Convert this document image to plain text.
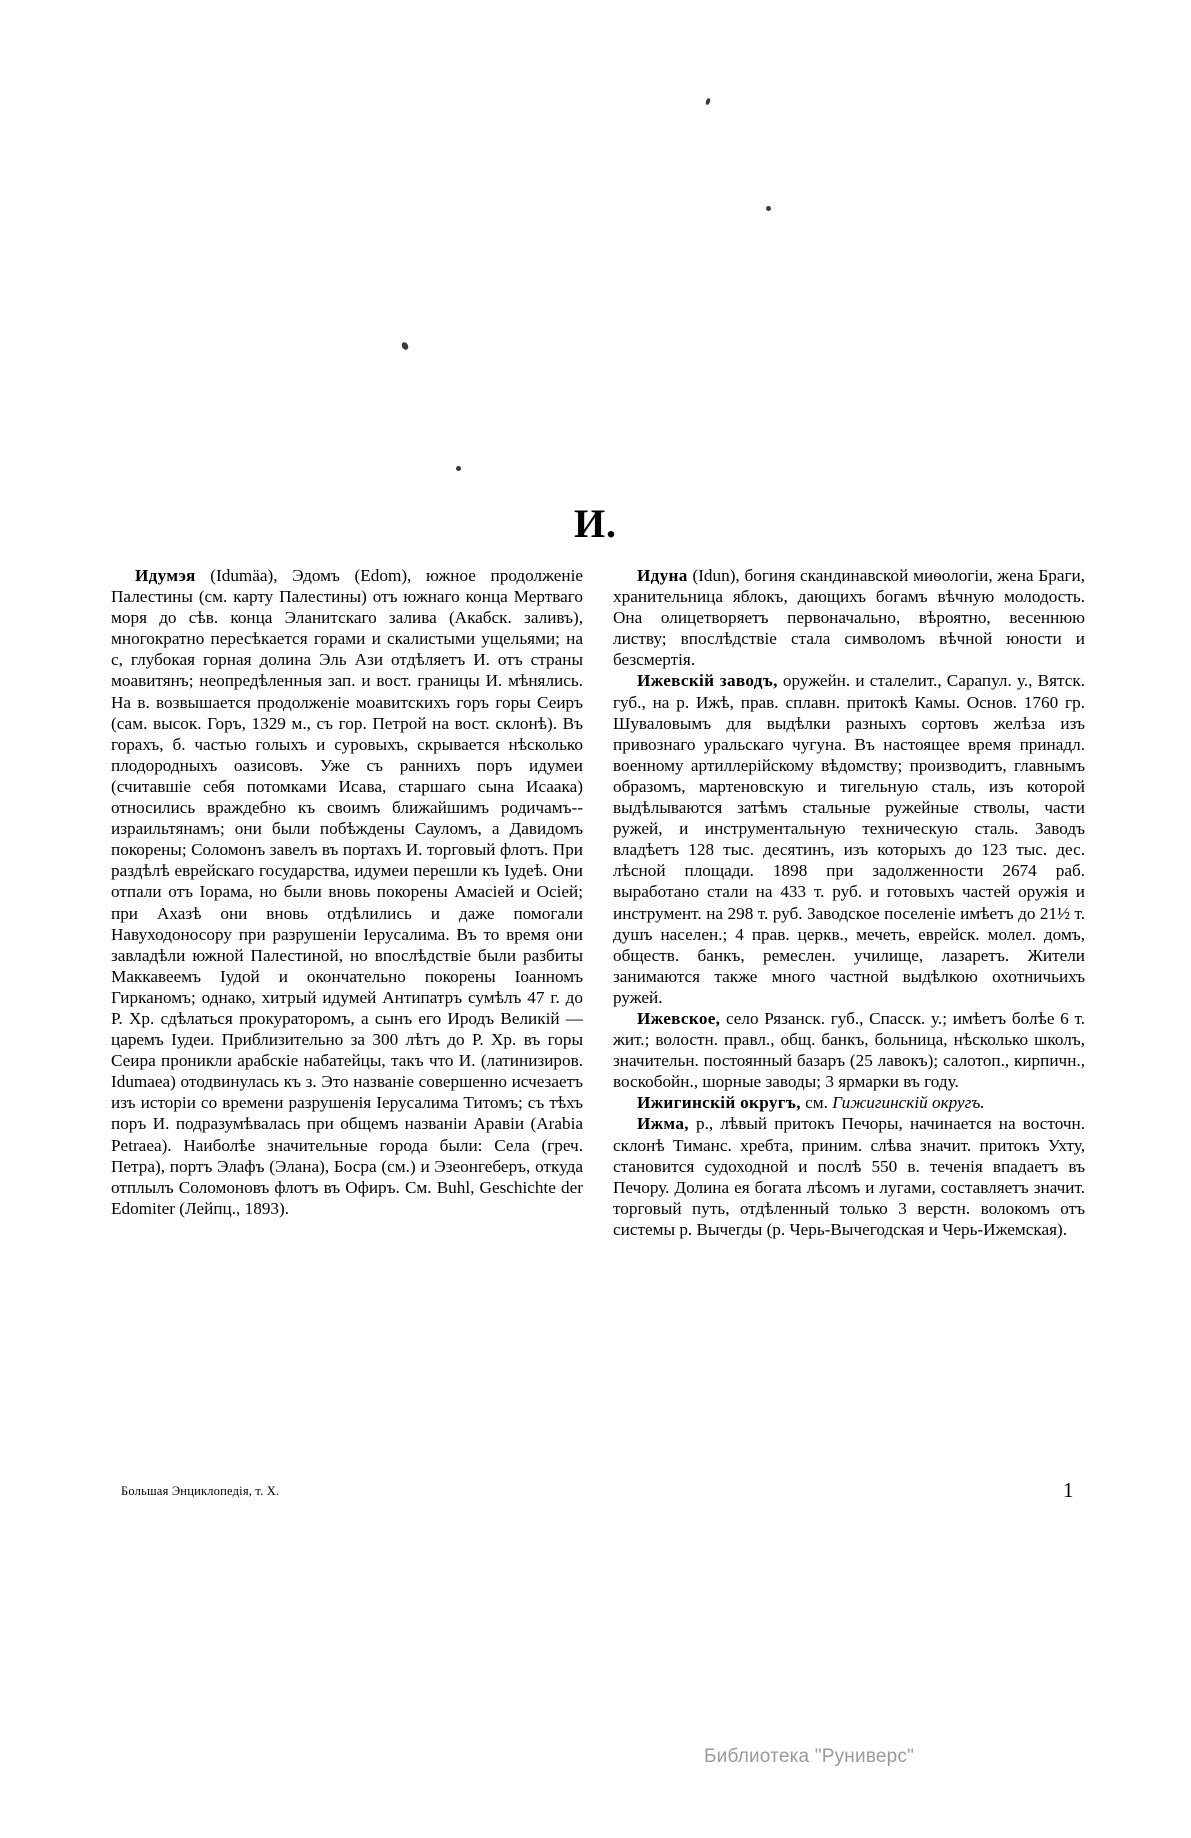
И.

Идумэя (Idumäa), Эдомъ (Edom), южное продолженіе Палестины (см. карту Палестины) отъ южнаго конца Мертваго моря до сѣв. конца Эланитскаго залива (Акабск. заливъ), многократно пересѣкается горами и скалистыми ущельями; на с, глубокая горная долина Эль Ази отдѣляетъ И. отъ страны моавитянъ; неопредѣленныя зап. и вост. границы И. мѣнялись. На в. возвышается продолженіе моавитскихъ горъ горы Сеиръ (сам. высок. Горъ, 1329 м., съ гор. Петрой на вост. склонѣ). Въ горахъ, б. частью голыхъ и суровыхъ, скрывается нѣсколько плодородныхъ оазисовъ. Уже съ раннихъ поръ идумеи (считавшіе себя потомками Исава, старшаго сына Исаака) относились враждебно къ своимъ ближайшимъ родичамъ--израильтянамъ; они были побѣждены Сауломъ, а Давидомъ покорены; Соломонъ завелъ въ портахъ И. торговый флотъ. При раздѣлѣ еврейскаго государства, идумеи перешли къ Іудеѣ. Они отпали отъ Іорама, но были вновь покорены Амасіей и Осіей; при Ахазѣ они вновь отдѣлились и даже помогали Навуходоносору при разрушеніи Іерусалима. Въ то время они завладѣли южной Палестиной, но впослѣдствіе были разбиты Маккавеемъ Іудой и окончательно покорены Іоанномъ Гирканомъ; однако, хитрый идумей Антипатръ сумѣлъ 47 г. до Р. Хр. сдѣлаться прокураторомъ, а сынъ его Иродъ Великій — царемъ Іудеи. Приблизительно за 300 лѣтъ до Р. Хр. въ горы Сеира проникли арабскіе набатейцы, такъ что И. (латинизиров. Idumaea) отодвинулась къ з. Это названіе совершенно исчезаетъ изъ исторіи со времени разрушенія Іерусалима Титомъ; съ тѣхъ поръ И. подразумѣвалась при общемъ названіи Аравіи (Arabia Petraea). Наиболѣе значительные города были: Села (греч. Петра), портъ Элафъ (Элана), Босра (см.) и Эзеонгеберъ, откуда отплылъ Соломоновъ флотъ въ Офиръ. См. Buhl, Geschichte der Edomiter (Лейпц., 1893).

Идуна (Idun), богиня скандинавской миѳологіи, жена Браги, хранительница яблокъ, дающихъ богамъ вѣчную молодость. Она олицетворяетъ первоначально, вѣроятно, весеннюю листву; впослѣдствіе стала символомъ вѣчной юности и безсмертія.

Ижевскій заводъ, оружейн. и сталелит., Сарапул. у., Вятск. губ., на р. Ижѣ, прав. сплавн. притокѣ Камы. Основ. 1760 гр. Шуваловымъ для выдѣлки разныхъ сортовъ желѣза изъ привознаго уральскаго чугуна. Въ настоящее время принадл. военному артиллерійскому вѣдомству; производитъ, главнымъ образомъ, мартеновскую и тигельную сталь, изъ которой выдѣлываются затѣмъ стальные ружейные стволы, части ружей, и инструментальную техническую сталь. Заводъ владѣетъ 128 тыс. десятинъ, изъ которыхъ до 123 тыс. дес. лѣсной площади. 1898 при задолженности 2674 раб. выработано стали на 433 т. руб. и готовыхъ частей оружія и инструмент. на 298 т. руб. Заводское поселеніе имѣетъ до 21½ т. душъ населен.; 4 прав. церкв., мечеть, еврейск. молел. домъ, обществ. банкъ, ремеслен. училище, лазаретъ. Жители занимаются также много частной выдѣлкою охотничьихъ ружей.

Ижевское, село Рязанск. губ., Спасск. у.; имѣетъ болѣе 6 т. жит.; волостн. правл., общ. банкъ, больница, нѣсколько школъ, значительн. постоянный базаръ (25 лавокъ); салотоп., кирпичн., воскобойн., шорные заводы; 3 ярмарки въ году.

Ижигинскій округъ, см. Гижигинскій округъ.

Ижма, р., лѣвый притокъ Печоры, начинается на восточн. склонѣ Тиманс. хребта, приним. слѣва значит. притокъ Ухту, становится судоходной и послѣ 550 в. теченія впадаетъ въ Печору. Долина ея богата лѣсомъ и лугами, составляетъ значит. торговый путь, отдѣленный только 3 верстн. волокомъ отъ системы р. Вычегды (р. Черь-Вычегодская и Черь-Ижемская).

Большая Энциклопедія, т. X.	1
Библиотека "Руниверс"
